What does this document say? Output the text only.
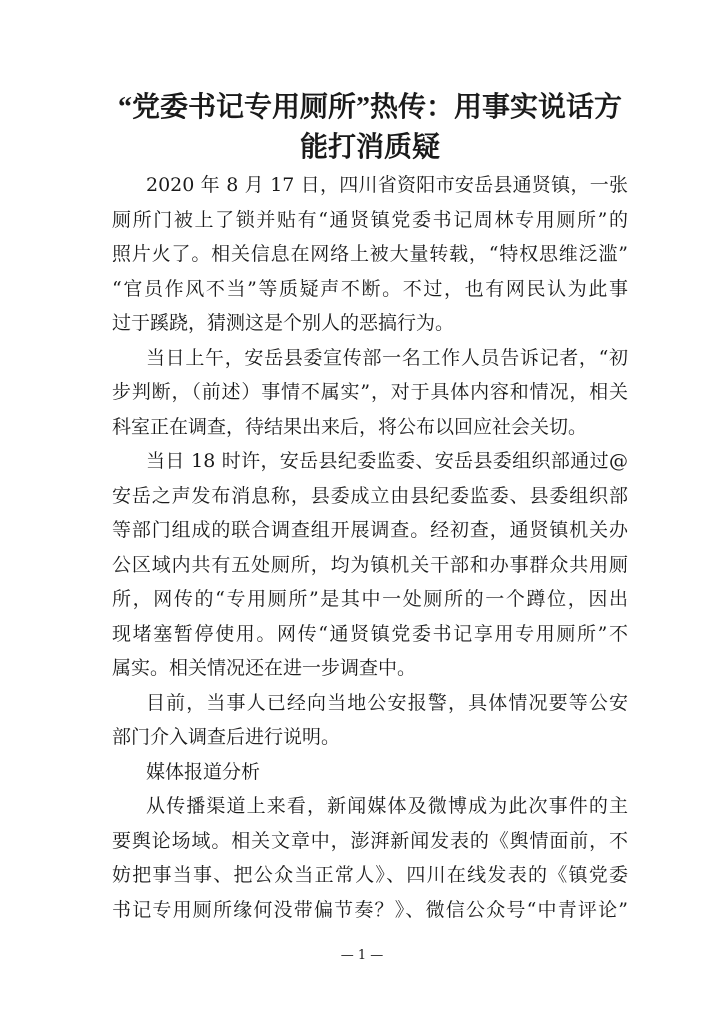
“党委书记专用厕所”热传：用事实说话方
能打消质疑
2020 年 8 月 17 日，四川省资阳市安岳县通贤镇，一张
厕所门被上了锁并贴有“通贤镇党委书记周林专用厕所”的
照片火了。相关信息在网络上被大量转载，“特权思维泛滥”
“官员作风不当”等质疑声不断。不过，也有网民认为此事
过于蹊跷，猜测这是个别人的恶搞行为。
当日上午，安岳县委宣传部一名工作人员告诉记者，“初
步判断，（前述）事情不属实”，对于具体内容和情况，相关
科室正在调查，待结果出来后，将公布以回应社会关切。
当日 18 时许，安岳县纪委监委、安岳县委组织部通过@
安岳之声发布消息称，县委成立由县纪委监委、县委组织部
等部门组成的联合调查组开展调查。经初查，通贤镇机关办
公区域内共有五处厕所，均为镇机关干部和办事群众共用厕
所，网传的“专用厕所”是其中一处厕所的一个蹲位，因出
现堵塞暂停使用。网传“通贤镇党委书记享用专用厕所”不
属实。相关情况还在进一步调查中。
目前，当事人已经向当地公安报警，具体情况要等公安
部门介入调查后进行说明。
媒体报道分析
从传播渠道上来看，新闻媒体及微博成为此次事件的主
要舆论场域。相关文章中，澎湃新闻发表的《舆情面前，不
妨把事当事、把公众当正常人》、四川在线发表的《镇党委
书记专用厕所缘何没带偏节奏？》、微信公众号“中青评论”
— 1 —
